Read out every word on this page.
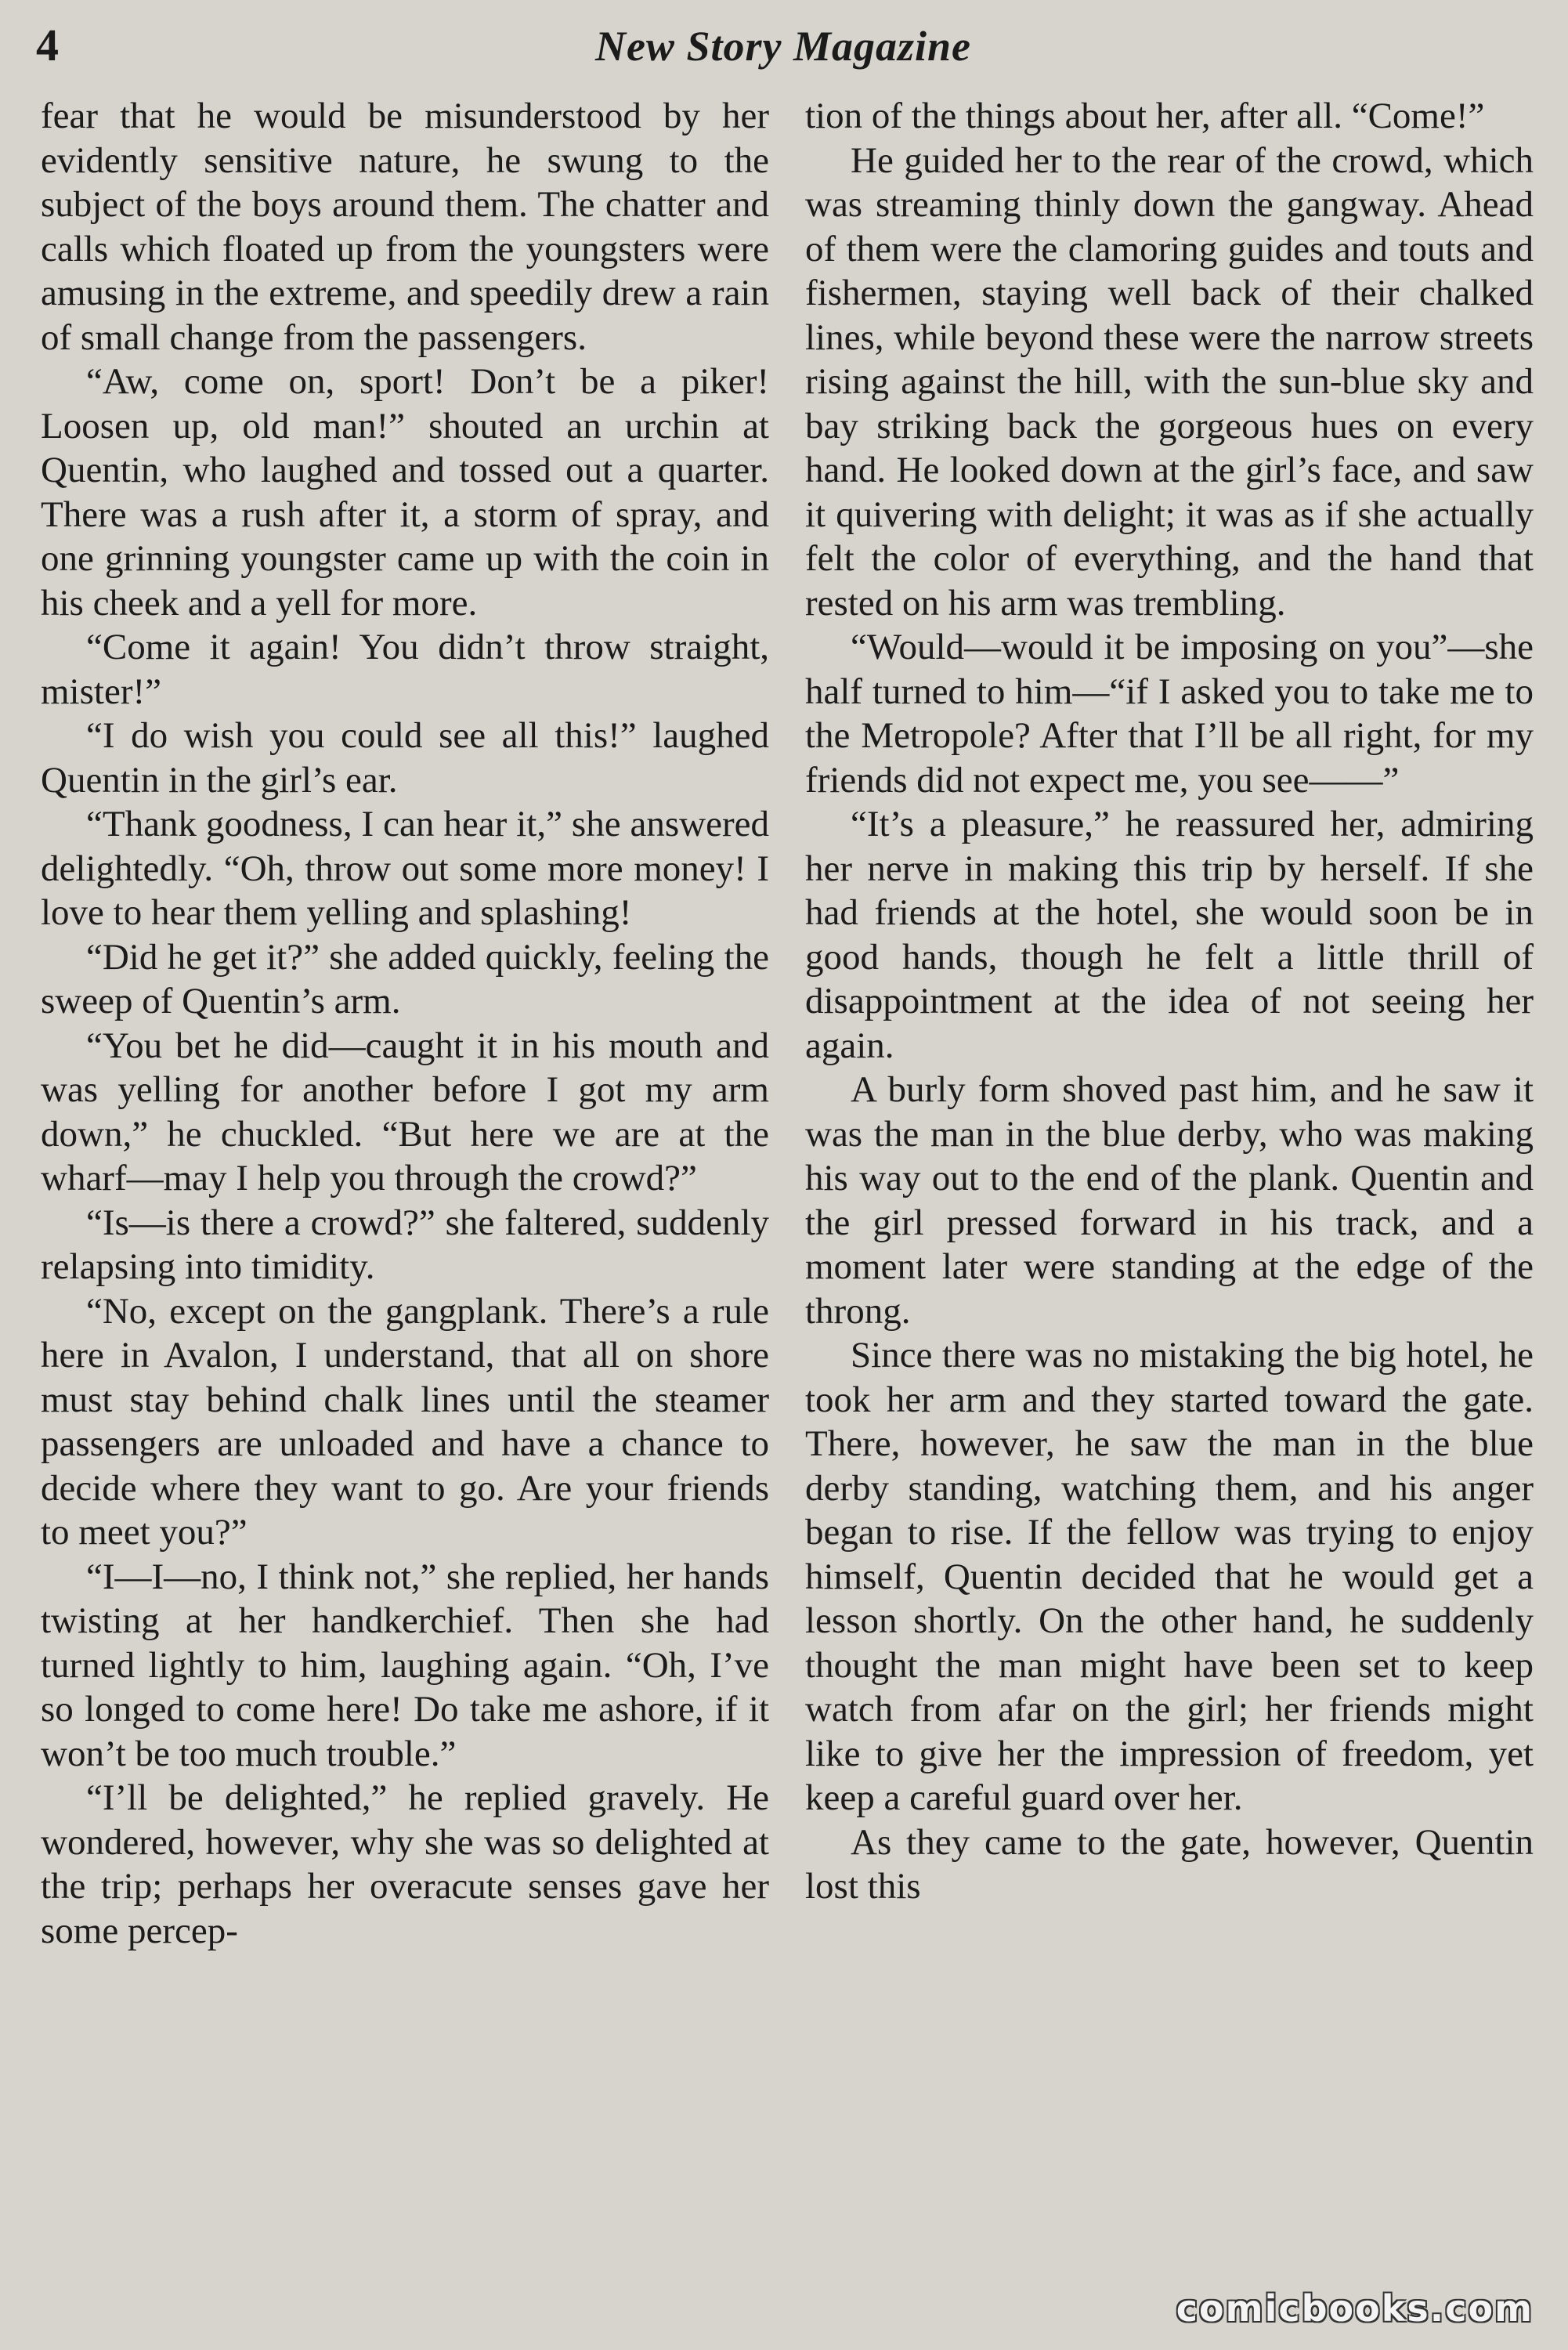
4	New Story Magazine

fear that he would be misunderstood by her evidently sensitive nature, he swung to the subject of the boys around them. The chatter and calls which floated up from the youngsters were amusing in the extreme, and speedily drew a rain of small change from the passengers.

“Aw, come on, sport! Don’t be a piker! Loosen up, old man!” shouted an urchin at Quentin, who laughed and tossed out a quarter. There was a rush after it, a storm of spray, and one grinning youngster came up with the coin in his cheek and a yell for more.

“Come it again! You didn’t throw straight, mister!”

“I do wish you could see all this!” laughed Quentin in the girl’s ear.

“Thank goodness, I can hear it,” she answered delightedly. “Oh, throw out some more money! I love to hear them yelling and splashing!

“Did he get it?” she added quickly, feeling the sweep of Quentin’s arm.

“You bet he did—caught it in his mouth and was yelling for another before I got my arm down,” he chuckled. “But here we are at the wharf—may I help you through the crowd?”

“Is—is there a crowd?” she faltered, suddenly relapsing into timidity.

“No, except on the gangplank. There’s a rule here in Avalon, I understand, that all on shore must stay behind chalk lines until the steamer passengers are unloaded and have a chance to decide where they want to go. Are your friends to meet you?”

“I—I—no, I think not,” she replied, her hands twisting at her handkerchief. Then she had turned lightly to him, laughing again. “Oh, I’ve so longed to come here! Do take me ashore, if it won’t be too much trouble.”

“I’ll be delighted,” he replied gravely. He wondered, however, why she was so delighted at the trip; perhaps her overacute senses gave her some percep-

tion of the things about her, after all. “Come!”

He guided her to the rear of the crowd, which was streaming thinly down the gangway. Ahead of them were the clamoring guides and touts and fishermen, staying well back of their chalked lines, while beyond these were the narrow streets rising against the hill, with the sun-blue sky and bay striking back the gorgeous hues on every hand. He looked down at the girl’s face, and saw it quivering with delight; it was as if she actually felt the color of everything, and the hand that rested on his arm was trembling.

“Would—would it be imposing on you”—she half turned to him—“if I asked you to take me to the Metropole? After that I’ll be all right, for my friends did not expect me, you see——”

“It’s a pleasure,” he reassured her, admiring her nerve in making this trip by herself. If she had friends at the hotel, she would soon be in good hands, though he felt a little thrill of disappointment at the idea of not seeing her again.

A burly form shoved past him, and he saw it was the man in the blue derby, who was making his way out to the end of the plank. Quentin and the girl pressed forward in his track, and a moment later were standing at the edge of the throng.

Since there was no mistaking the big hotel, he took her arm and they started toward the gate. There, however, he saw the man in the blue derby standing, watching them, and his anger began to rise. If the fellow was trying to enjoy himself, Quentin decided that he would get a lesson shortly. On the other hand, he suddenly thought the man might have been set to keep watch from afar on the girl; her friends might like to give her the impression of freedom, yet keep a careful guard over her.

As they came to the gate, however, Quentin lost this

comicbooks.com
